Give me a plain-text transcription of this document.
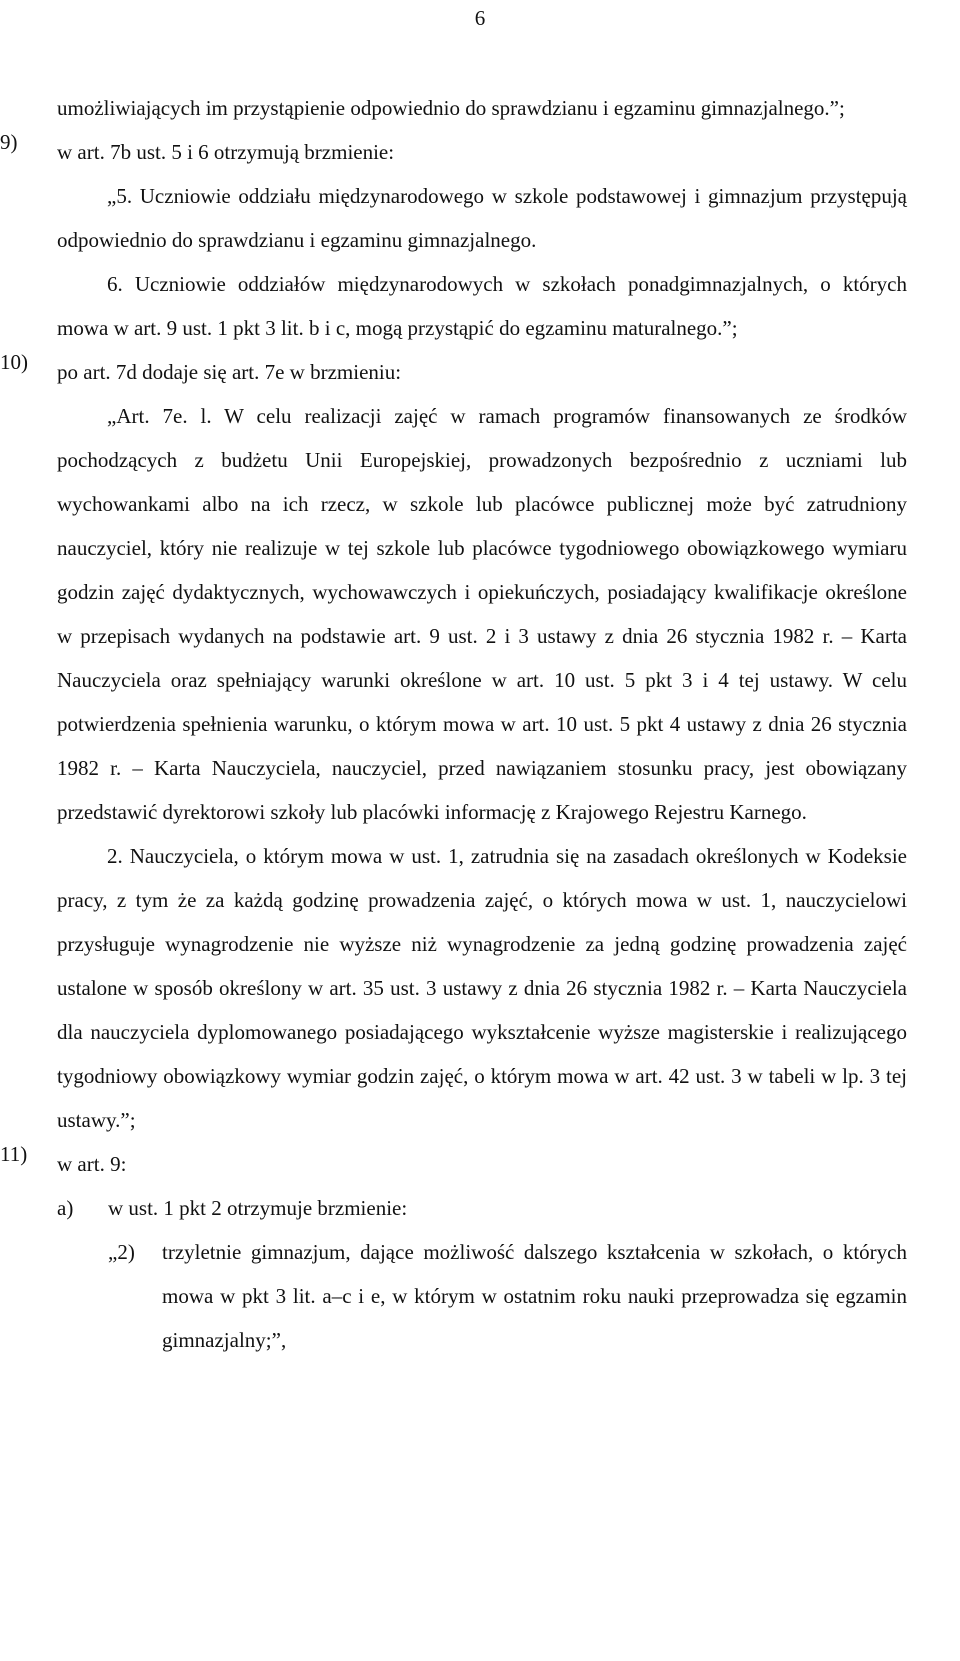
6

umożliwiających im przystąpienie odpowiednio do sprawdzianu i egzaminu gimnazjalnego.”;

9) w art. 7b ust. 5 i 6 otrzymują brzmienie:

„5. Uczniowie oddziału międzynarodowego w szkole podstawowej i gimnazjum przystępują odpowiednio do sprawdzianu i egzaminu gimnazjalnego.

6. Uczniowie oddziałów międzynarodowych w szkołach ponadgimnazjalnych, o których mowa w art. 9 ust. 1 pkt 3 lit. b i c, mogą przystąpić do egzaminu maturalnego.”;

10) po art. 7d dodaje się art. 7e w brzmieniu:

„Art. 7e. l. W celu realizacji zajęć w ramach programów finansowanych ze środków pochodzących z budżetu Unii Europejskiej, prowadzonych bezpośrednio z uczniami lub wychowankami albo na ich rzecz, w szkole lub placówce publicznej może być zatrudniony nauczyciel, który nie realizuje w tej szkole lub placówce tygodniowego obowiązkowego wymiaru godzin zajęć dydaktycznych, wychowawczych i opiekuńczych, posiadający kwalifikacje określone w przepisach wydanych na podstawie art. 9 ust. 2 i 3 ustawy z dnia 26 stycznia 1982 r. – Karta Nauczyciela oraz spełniający warunki określone w art. 10 ust. 5 pkt 3 i 4 tej ustawy. W celu potwierdzenia spełnienia warunku, o którym mowa w art. 10 ust. 5 pkt 4 ustawy z dnia 26 stycznia 1982 r. – Karta Nauczyciela, nauczyciel, przed nawiązaniem stosunku pracy, jest obowiązany przedstawić dyrektorowi szkoły lub placówki informację z Krajowego Rejestru Karnego.

2. Nauczyciela, o którym mowa w ust. 1, zatrudnia się na zasadach określonych w Kodeksie pracy, z tym że za każdą godzinę prowadzenia zajęć, o których mowa w ust. 1, nauczycielowi przysługuje wynagrodzenie nie wyższe niż wynagrodzenie za jedną godzinę prowadzenia zajęć ustalone w sposób określony w art. 35 ust. 3 ustawy z dnia 26 stycznia 1982 r. – Karta Nauczyciela dla nauczyciela dyplomowanego posiadającego wykształcenie wyższe magisterskie i realizującego tygodniowy obowiązkowy wymiar godzin zajęć, o którym mowa w art. 42 ust. 3 w tabeli w lp. 3 tej ustawy.”;

11) w art. 9:
a) w ust. 1 pkt 2 otrzymuje brzmienie:
„2) trzyletnie gimnazjum, dające możliwość dalszego kształcenia w szkołach, o których mowa w pkt 3 lit. a–c i e, w którym w ostatnim roku nauki przeprowadza się egzamin gimnazjalny;”,
